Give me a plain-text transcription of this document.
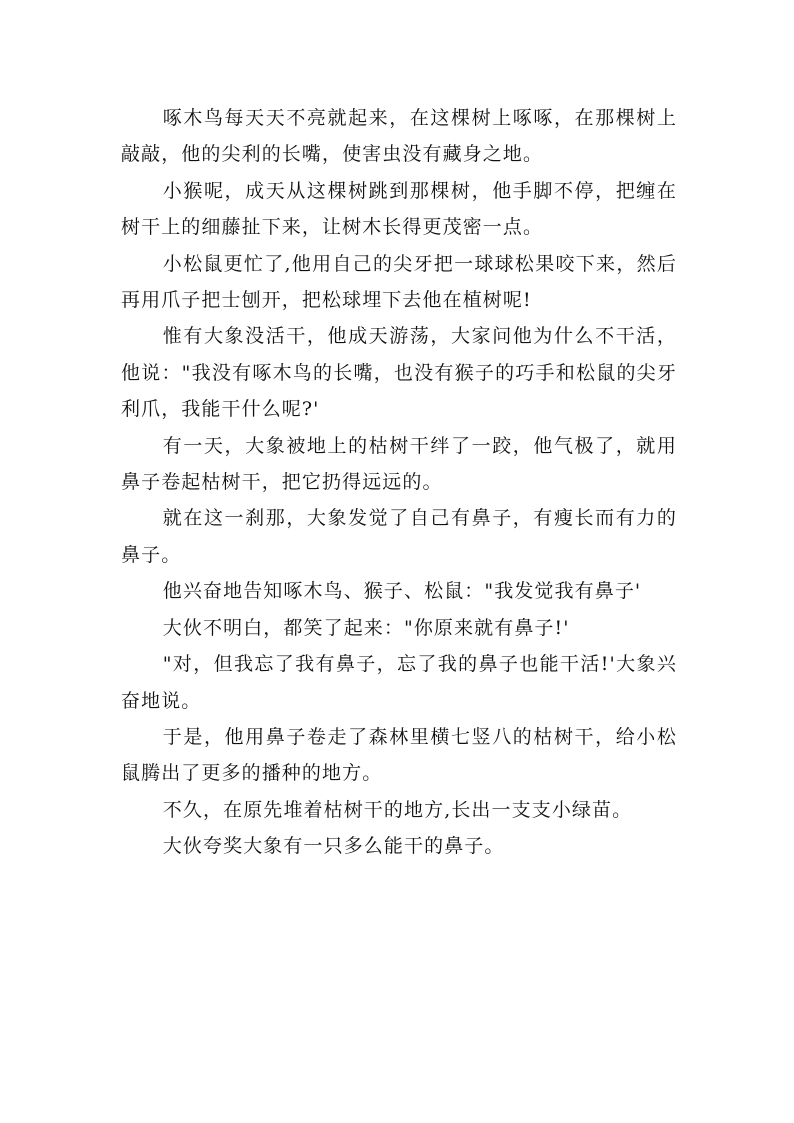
啄木鸟每天天不亮就起来，在这棵树上啄啄，在那棵树上敲敲，他的尖利的长嘴，使害虫没有藏身之地。

小猴呢，成天从这棵树跳到那棵树，他手脚不停，把缠在树干上的细藤扯下来，让树木长得更茂密一点。

小松鼠更忙了,他用自己的尖牙把一球球松果咬下来，然后再用爪子把士刨开，把松球埋下去他在植树呢!

惟有大象没活干，他成天游荡，大家问他为什么不干活，他说："我没有啄木鸟的长嘴，也没有猴子的巧手和松鼠的尖牙利爪，我能干什么呢?'

有一天，大象被地上的枯树干绊了一跤，他气极了，就用鼻子卷起枯树干，把它扔得远远的。

就在这一刹那，大象发觉了自己有鼻子，有瘦长而有力的鼻子。

他兴奋地告知啄木鸟、猴子、松鼠："我发觉我有鼻子'

大伙不明白，都笑了起来："你原来就有鼻子!'

"对，但我忘了我有鼻子，忘了我的鼻子也能干活!'大象兴奋地说。

于是，他用鼻子卷走了森林里横七竖八的枯树干，给小松鼠腾出了更多的播种的地方。

不久，在原先堆着枯树干的地方,长出一支支小绿苗。

大伙夸奖大象有一只多么能干的鼻子。
